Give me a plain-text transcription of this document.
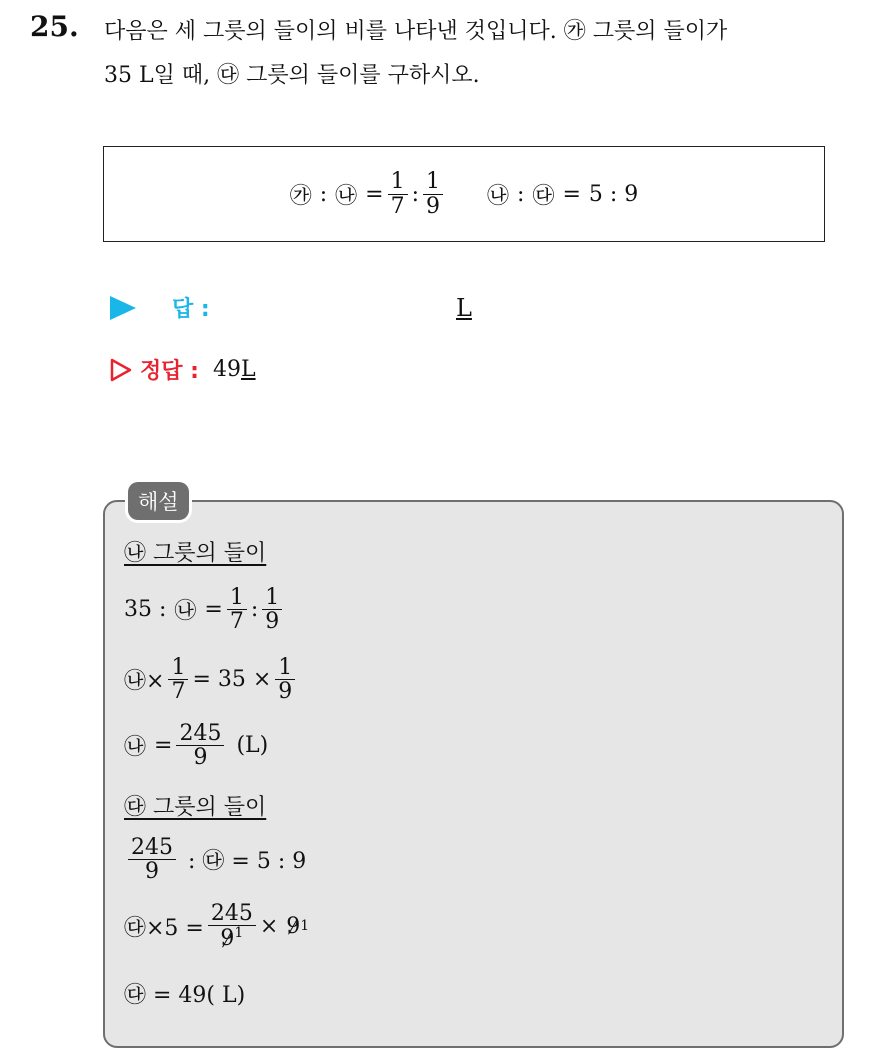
25. 다음은 세 그릇의 들이의 비를 나타낸 것입니다. ㉮ 그릇의 들이가
35 L일 때, ㉰ 그릇의 들이를 구하시오.
㉮ : ㉯ = $\frac{1}{7}$ : $\frac{1}{9}$ ㉯ : ㉰ = 5 : 9
답 :	L
정답 : 49L
해설
㉯ 그릇의 들이
35 : ㉯ = $\frac{1}{7}$ : $\frac{1}{9}$
㉯× $\frac{1}{7} = 35 \times \frac{1}{9}$
㉯ = $\frac{245}{9} (L)$
㉰ 그릇의 들이
$\frac{245}{9}$ : ㉰ = 5 : 9
㉰×5 = $\frac{245}{9^1} \times 9$ 1
㉰ = 49( L)
